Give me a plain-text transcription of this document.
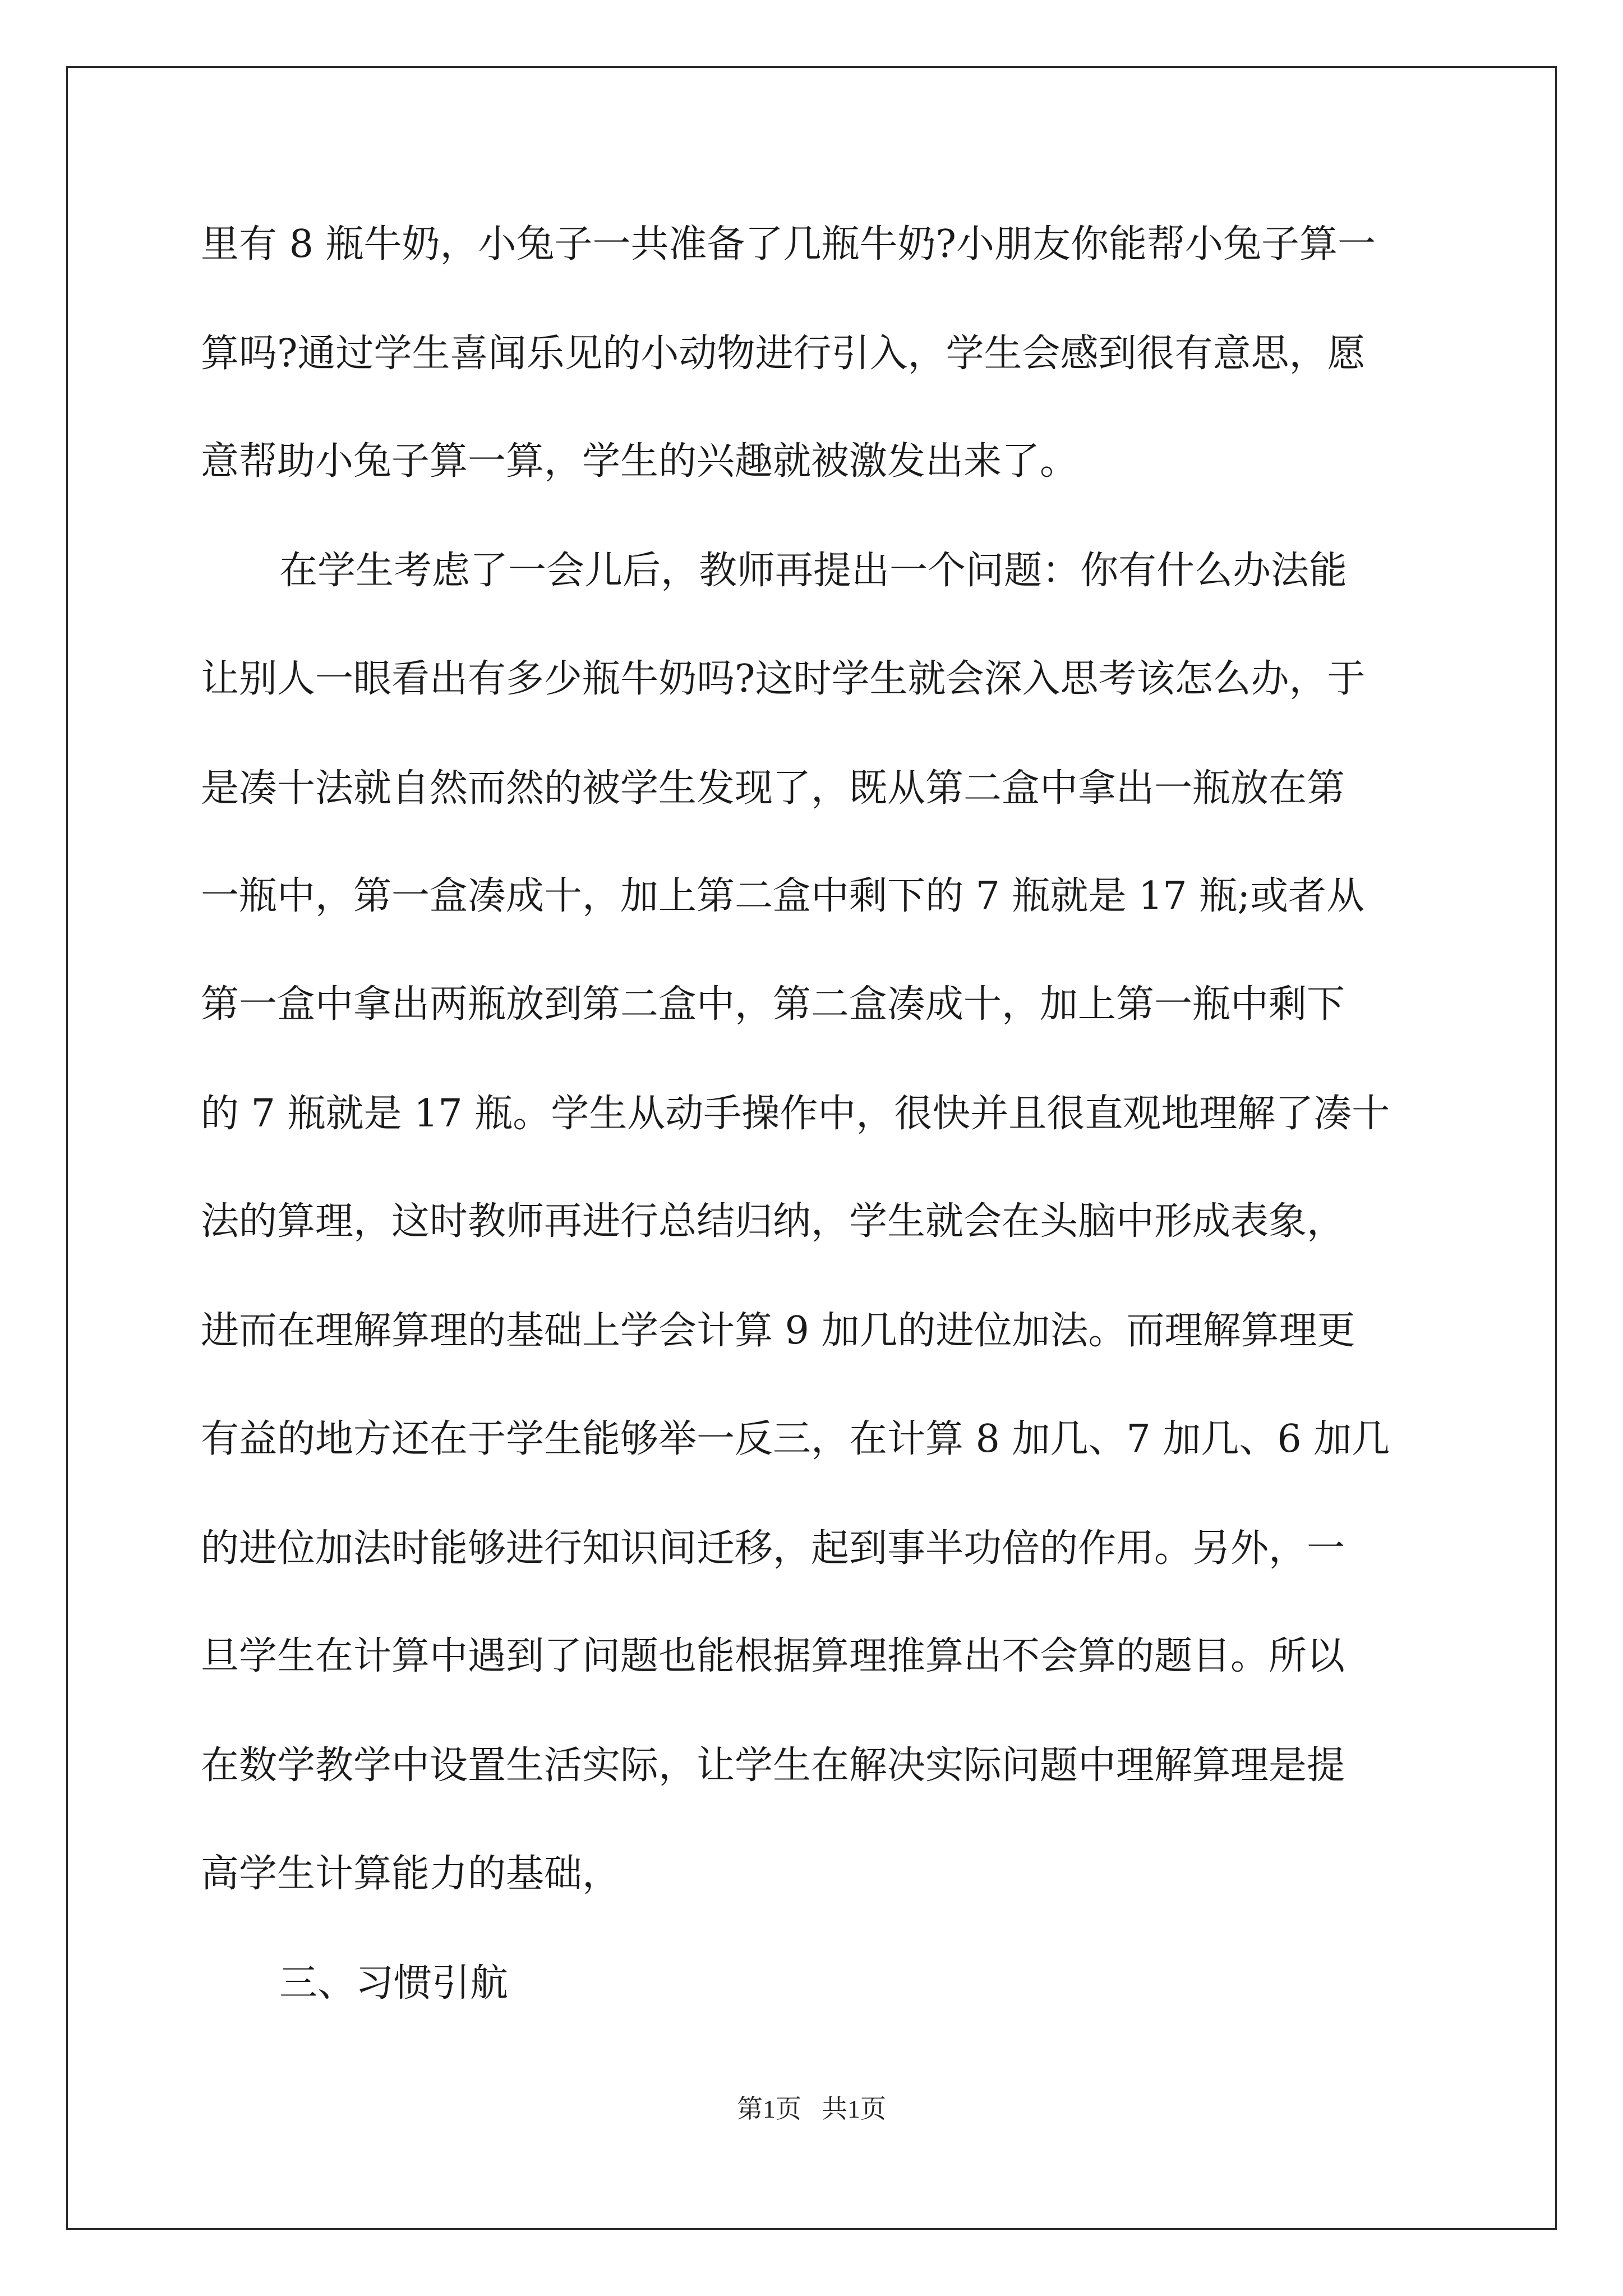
里有 8 瓶牛奶，小兔子一共准备了几瓶牛奶?小朋友你能帮小兔子算一
算吗?通过学生喜闻乐见的小动物进行引入，学生会感到很有意思，愿
意帮助小兔子算一算，学生的兴趣就被激发出来了。
在学生考虑了一会儿后，教师再提出一个问题：你有什么办法能
让别人一眼看出有多少瓶牛奶吗?这时学生就会深入思考该怎么办，于
是凑十法就自然而然的被学生发现了，既从第二盒中拿出一瓶放在第
一瓶中，第一盒凑成十，加上第二盒中剩下的 7 瓶就是 17 瓶;或者从
第一盒中拿出两瓶放到第二盒中，第二盒凑成十，加上第一瓶中剩下
的 7 瓶就是 17 瓶。学生从动手操作中，很快并且很直观地理解了凑十
法的算理，这时教师再进行总结归纳，学生就会在头脑中形成表象，
进而在理解算理的基础上学会计算 9 加几的进位加法。而理解算理更
有益的地方还在于学生能够举一反三，在计算 8 加几、7 加几、6 加几
的进位加法时能够进行知识间迁移，起到事半功倍的作用。另外，一
旦学生在计算中遇到了问题也能根据算理推算出不会算的题目。所以
在数学教学中设置生活实际，让学生在解决实际问题中理解算理是提
高学生计算能力的基础，
三、习惯引航
第1页 共1页
